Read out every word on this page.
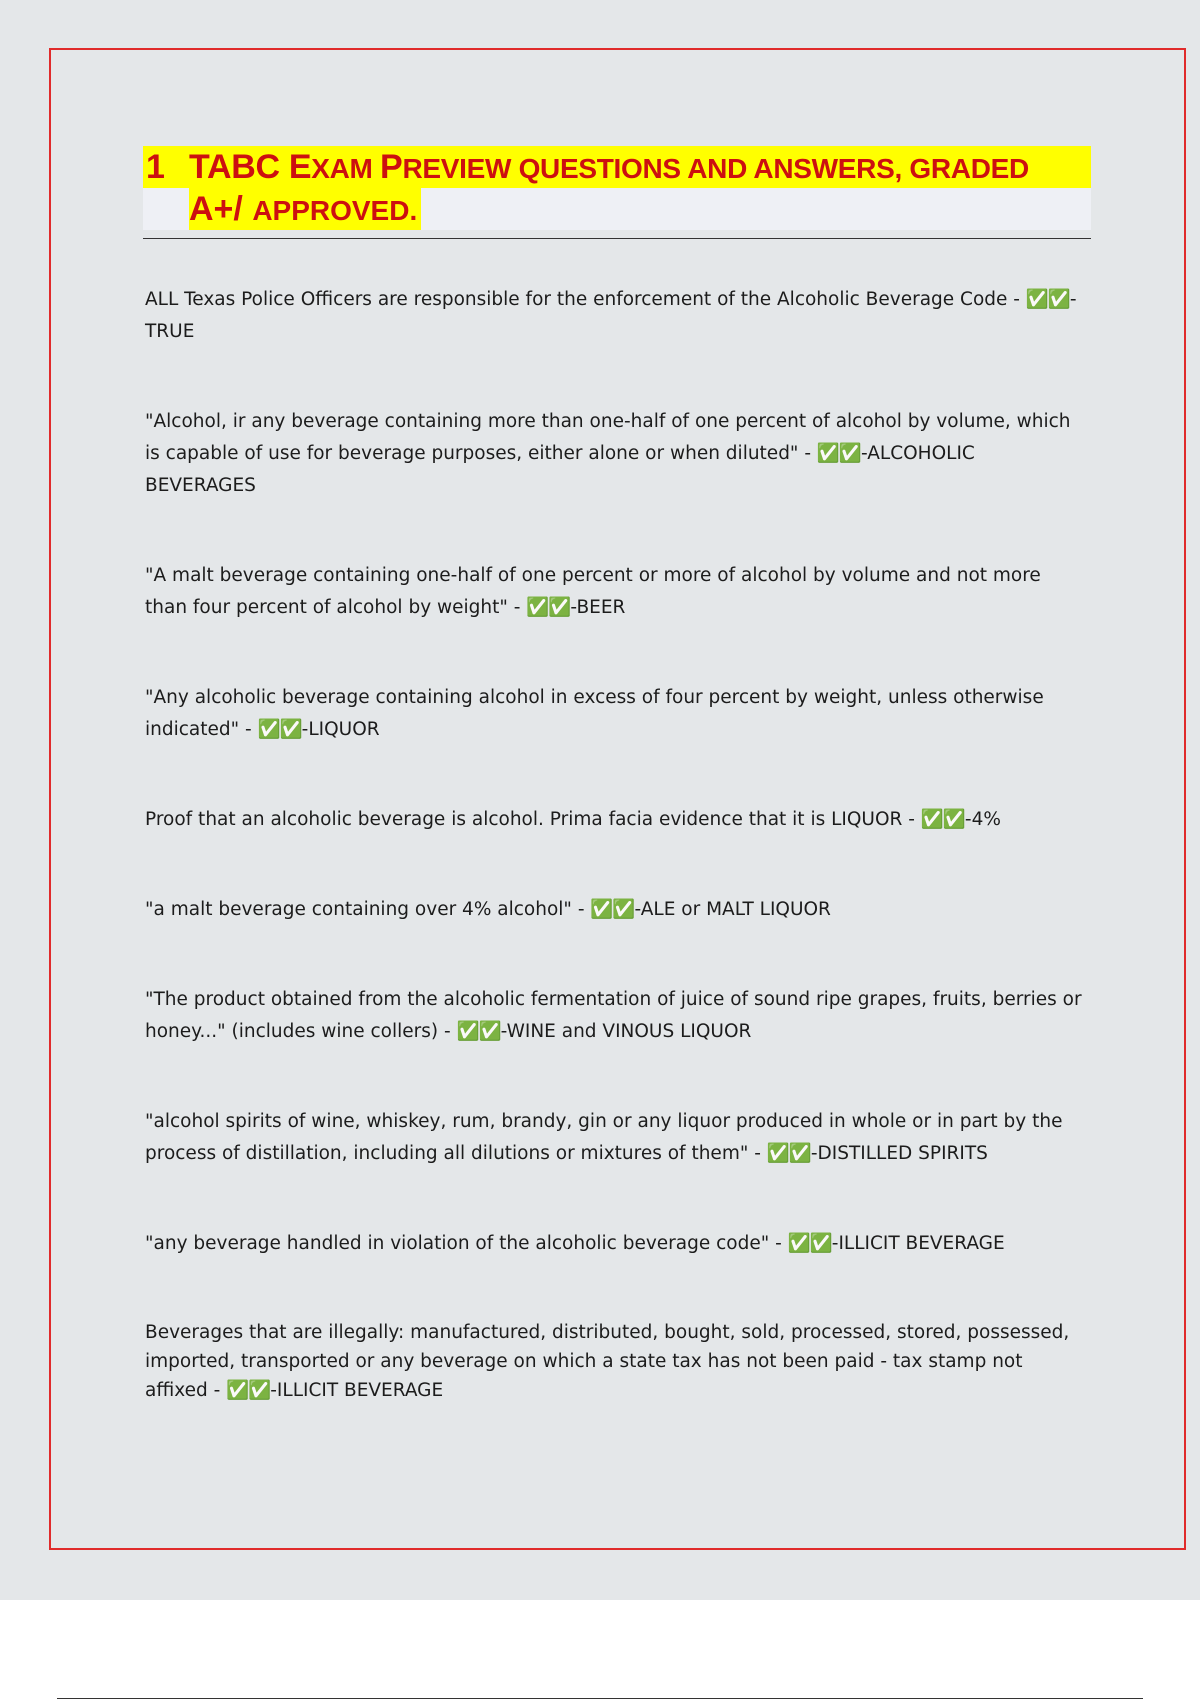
1 TABC EXAM PREVIEW QUESTIONS AND ANSWERS, GRADED
A+/ APPROVED.

ALL Texas Police Officers are responsible for the enforcement of the Alcoholic Beverage Code - ✅✅-TRUE

"Alcohol, ir any beverage containing more than one-half of one percent of alcohol by volume, which is capable of use for beverage purposes, either alone or when diluted" - ✅✅-ALCOHOLIC BEVERAGES

"A malt beverage containing one-half of one percent or more of alcohol by volume and not more than four percent of alcohol by weight" - ✅✅-BEER

"Any alcoholic beverage containing alcohol in excess of four percent by weight, unless otherwise indicated" - ✅✅-LIQUOR

Proof that an alcoholic beverage is alcohol. Prima facia evidence that it is LIQUOR - ✅✅-4%

"a malt beverage containing over 4% alcohol" - ✅✅-ALE or MALT LIQUOR

"The product obtained from the alcoholic fermentation of juice of sound ripe grapes, fruits, berries or honey..." (includes wine collers) - ✅✅-WINE and VINOUS LIQUOR

"alcohol spirits of wine, whiskey, rum, brandy, gin or any liquor produced in whole or in part by the process of distillation, including all dilutions or mixtures of them" - ✅✅-DISTILLED SPIRITS

"any beverage handled in violation of the alcoholic beverage code" - ✅✅-ILLICIT BEVERAGE

Beverages that are illegally: manufactured, distributed, bought, sold, processed, stored, possessed, imported, transported or any beverage on which a state tax has not been paid - tax stamp not affixed - ✅✅-ILLICIT BEVERAGE
